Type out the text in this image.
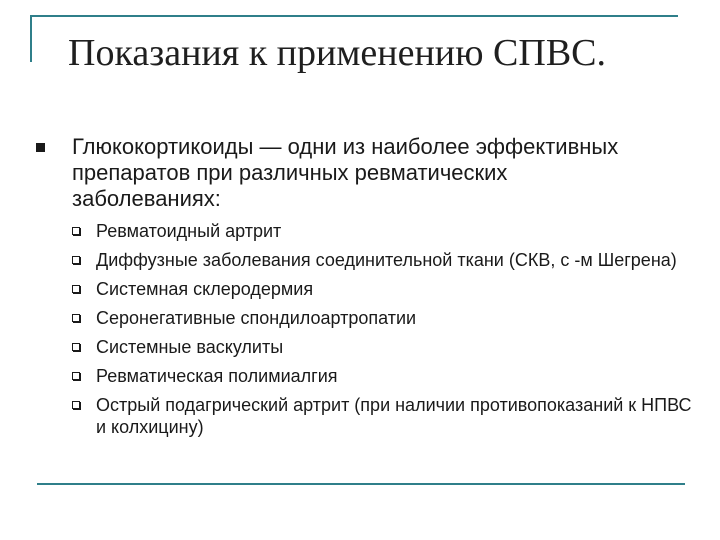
Показания к применению СПВС.

Глюкокортикоиды — одни из наиболее эффективных препаратов при различных ревматических заболеваниях:

Ревматоидный артрит
Диффузные заболевания соединительной ткани (СКВ, с -м Шегрена)
Системная склеродермия
Серонегативные спондилоартропатии
Системные васкулиты
Ревматическая полимиалгия
Острый подагрический артрит (при наличии противопоказаний к НПВС и колхицину)
